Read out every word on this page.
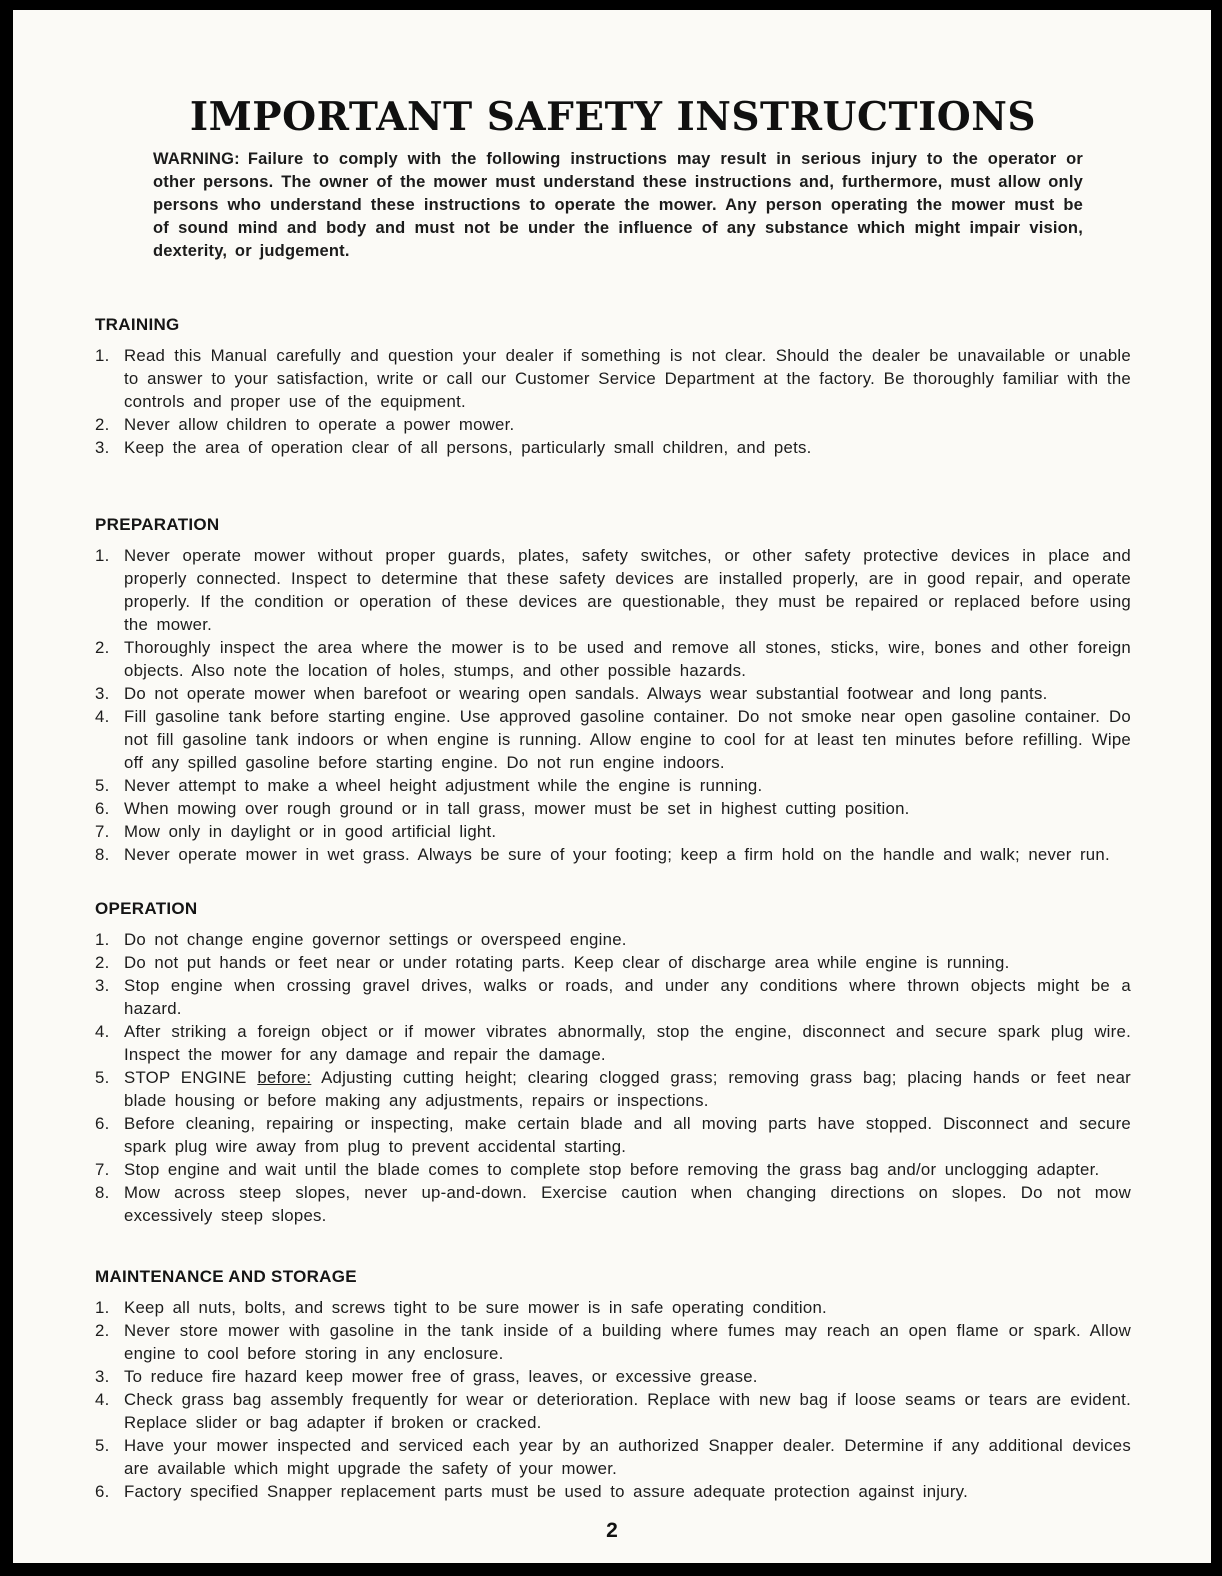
IMPORTANT SAFETY INSTRUCTIONS

WARNING: Failure to comply with the following instructions may result in serious injury to the operator or other persons. The owner of the mower must understand these instructions and, furthermore, must allow only persons who understand these instructions to operate the mower. Any person operating the mower must be of sound mind and body and must not be under the influence of any substance which might impair vision, dexterity, or judgement.

TRAINING
Read this Manual carefully and question your dealer if something is not clear. Should the dealer be unavailable or unable to answer to your satisfaction, write or call our Customer Service Department at the factory. Be thoroughly familiar with the controls and proper use of the equipment.
Never allow children to operate a power mower.
Keep the area of operation clear of all persons, particularly small children, and pets.
PREPARATION
Never operate mower without proper guards, plates, safety switches, or other safety protective devices in place and properly connected. Inspect to determine that these safety devices are installed properly, are in good repair, and operate properly. If the condition or operation of these devices are questionable, they must be repaired or replaced before using the mower.
Thoroughly inspect the area where the mower is to be used and remove all stones, sticks, wire, bones and other foreign objects. Also note the location of holes, stumps, and other possible hazards.
Do not operate mower when barefoot or wearing open sandals. Always wear substantial footwear and long pants.
Fill gasoline tank before starting engine. Use approved gasoline container. Do not smoke near open gasoline container. Do not fill gasoline tank indoors or when engine is running. Allow engine to cool for at least ten minutes before refilling. Wipe off any spilled gasoline before starting engine. Do not run engine indoors.
Never attempt to make a wheel height adjustment while the engine is running.
When mowing over rough ground or in tall grass, mower must be set in highest cutting position.
Mow only in daylight or in good artificial light.
Never operate mower in wet grass. Always be sure of your footing; keep a firm hold on the handle and walk; never run.
OPERATION
Do not change engine governor settings or overspeed engine.
Do not put hands or feet near or under rotating parts. Keep clear of discharge area while engine is running.
Stop engine when crossing gravel drives, walks or roads, and under any conditions where thrown objects might be a hazard.
After striking a foreign object or if mower vibrates abnormally, stop the engine, disconnect and secure spark plug wire. Inspect the mower for any damage and repair the damage.
STOP ENGINE before: Adjusting cutting height; clearing clogged grass; removing grass bag; placing hands or feet near blade housing or before making any adjustments, repairs or inspections.
Before cleaning, repairing or inspecting, make certain blade and all moving parts have stopped. Disconnect and secure spark plug wire away from plug to prevent accidental starting.
Stop engine and wait until the blade comes to complete stop before removing the grass bag and/or unclogging adapter.
Mow across steep slopes, never up-and-down. Exercise caution when changing directions on slopes. Do not mow excessively steep slopes.
MAINTENANCE AND STORAGE
Keep all nuts, bolts, and screws tight to be sure mower is in safe operating condition.
Never store mower with gasoline in the tank inside of a building where fumes may reach an open flame or spark. Allow engine to cool before storing in any enclosure.
To reduce fire hazard keep mower free of grass, leaves, or excessive grease.
Check grass bag assembly frequently for wear or deterioration. Replace with new bag if loose seams or tears are evident. Replace slider or bag adapter if broken or cracked.
Have your mower inspected and serviced each year by an authorized Snapper dealer. Determine if any additional devices are available which might upgrade the safety of your mower.
Factory specified Snapper replacement parts must be used to assure adequate protection against injury.
2
